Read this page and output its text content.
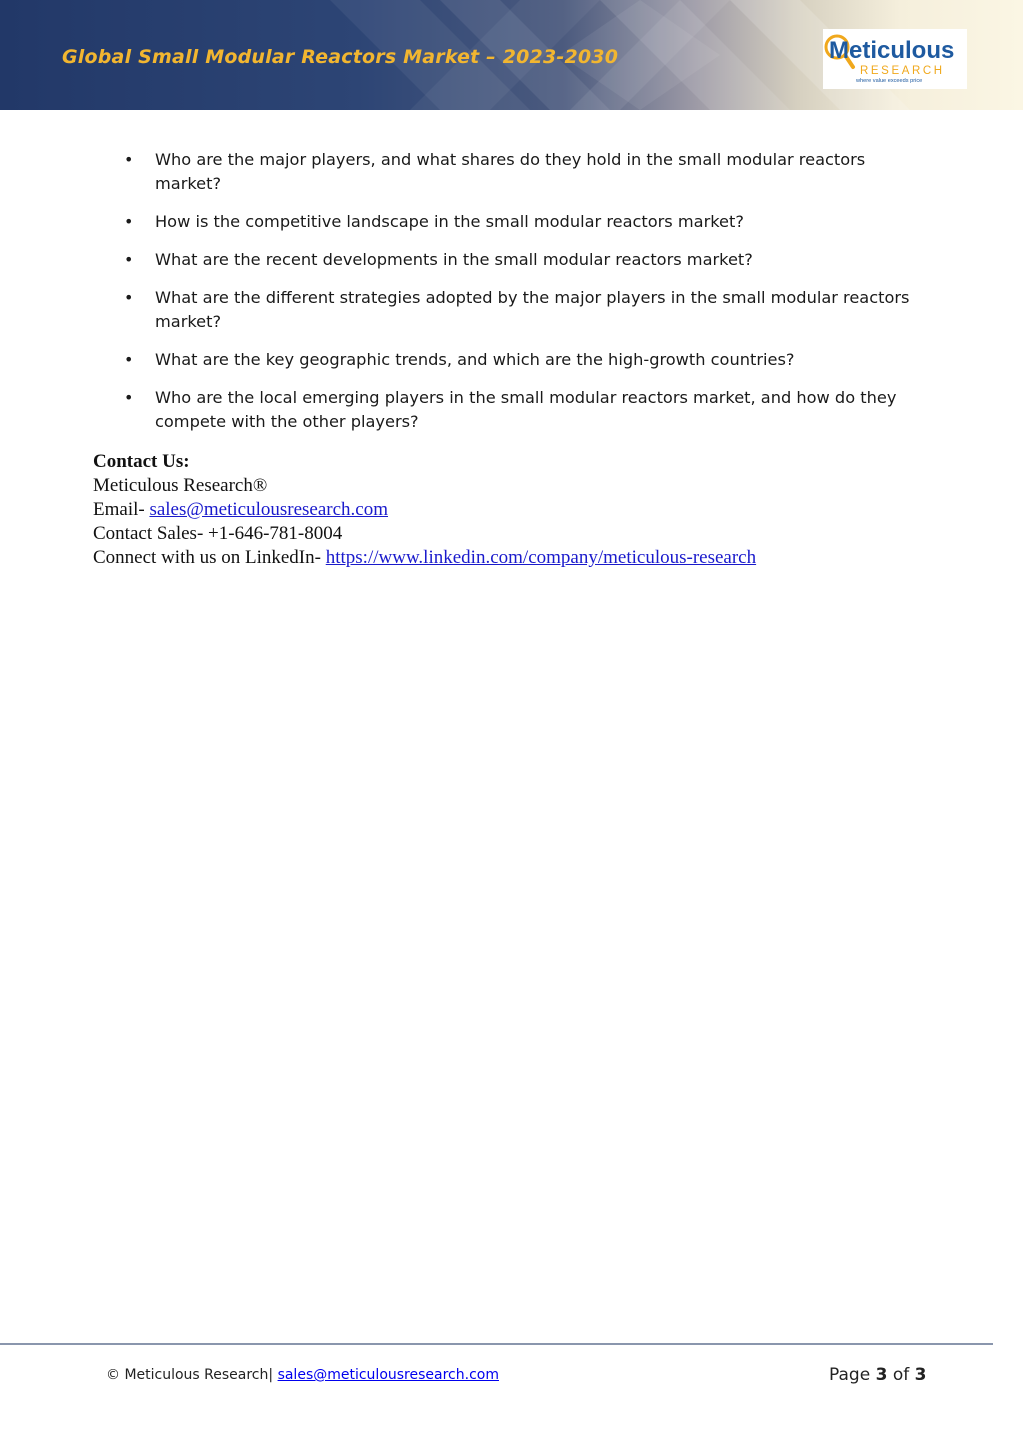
Global Small Modular Reactors Market – 2023-2030	Meticulous
RESEARCH
where value exceeds price
• Who are the major players, and what shares do they hold in the small modular reactors market?
• How is the competitive landscape in the small modular reactors market?
• What are the recent developments in the small modular reactors market?
• What are the different strategies adopted by the major players in the small modular reactors market?
• What are the key geographic trends, and which are the high-growth countries?
• Who are the local emerging players in the small modular reactors market, and how do they compete with the other players?
Contact Us:
Meticulous Research®
Email- sales@meticulousresearch.com
Contact Sales- +1-646-781-8004
Connect with us on LinkedIn- https://www.linkedin.com/company/meticulous-research
© Meticulous Research| sales@meticulousresearch.com	Page 3 of 3
